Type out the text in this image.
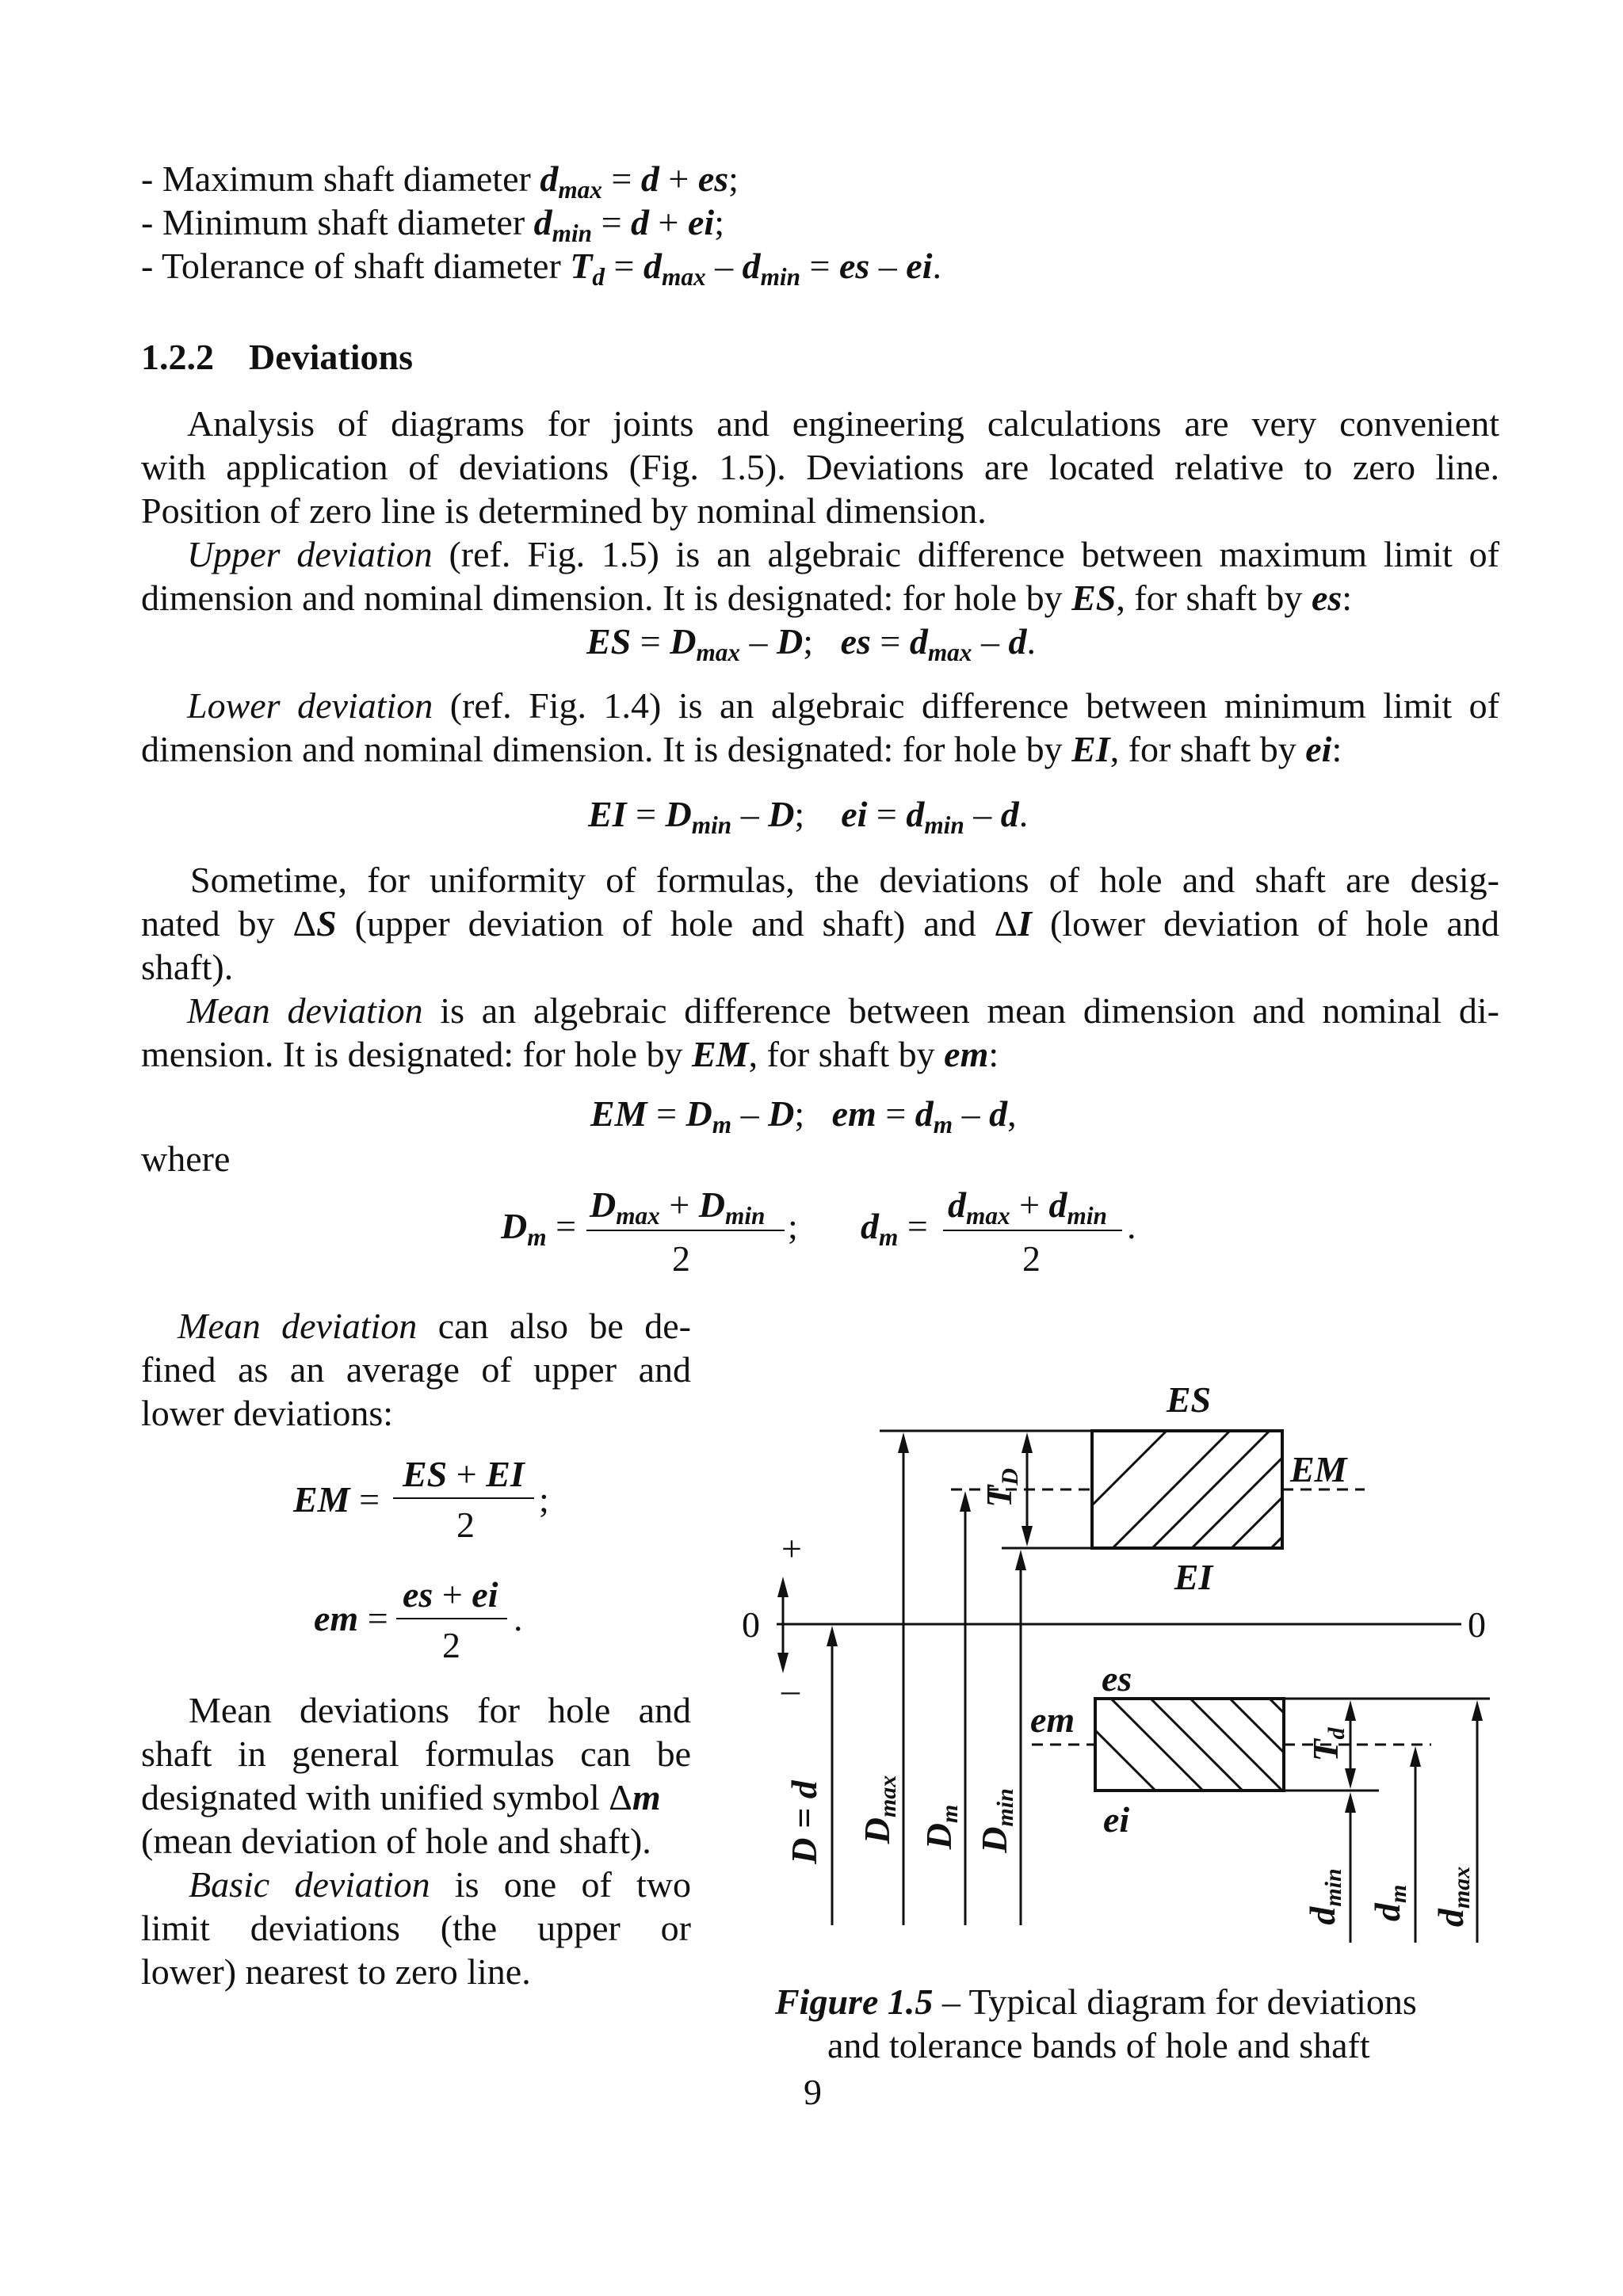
- Maximum shaft diameter $d_{max} = d$ + es;
- Minimum shaft diameter $d_{min} = d$ + ei;
- Tolerance of shaft diameter $T_d = d_{max} - d_{min}$ = es – ei.
1.2.2 Deviations
Analysis of diagrams for joints and engineering calculations are very convenient
with application of deviations (Fig. 1.5). Deviations are located relative to zero line.
Position of zero line is determined by nominal dimension.
Upper deviation (ref. Fig. 1.5) is an algebraic difference between maximum limit of
dimension and nominal dimension. It is designated: for hole by ES, for shaft by es:
ES = $D_{max}$ – D;   es = $d_{max}$ – d.
Lower deviation (ref. Fig. 1.4) is an algebraic difference between minimum limit of
dimension and nominal dimension. It is designated: for hole by EI, for shaft by ei:
EI = $D_{min}$ – D;    ei = $d_{min}$ – d.
Sometime, for uniformity of formulas, the deviations of hole and shaft are desig-
nated by ΔS (upper deviation of hole and shaft) and ΔI (lower deviation of hole and
shaft).
Mean deviation is an algebraic difference between mean dimension and nominal di-
mension. It is designated: for hole by EM, for shaft by em:
EM = $D_m$ – D;   em = $d_m$ – d,
where
$D_m$ =
$D_{max} + D_{min}$
2
; $d_m$ =
$d_{max} + d_{min}$
2
.
Mean deviation can also be de-
fined as an average of upper and
lower deviations:
EM =
ES + EI
2
;
em =
es + ei
2
.
Mean deviations for hole and
shaft in general formulas can be
designated with unified symbol Δm
(mean deviation of hole and shaft).
Basic deviation is one of two
limit deviations (the upper or
lower) nearest to zero line.
ES
EM
EI
es
em
ei
0	0
+
–
TD
Td
D = d Dmax
Dm
Dmin
dmin
dm
dmax
Figure 1.5 – Typical diagram for deviations
and tolerance bands of hole and shaft
9
